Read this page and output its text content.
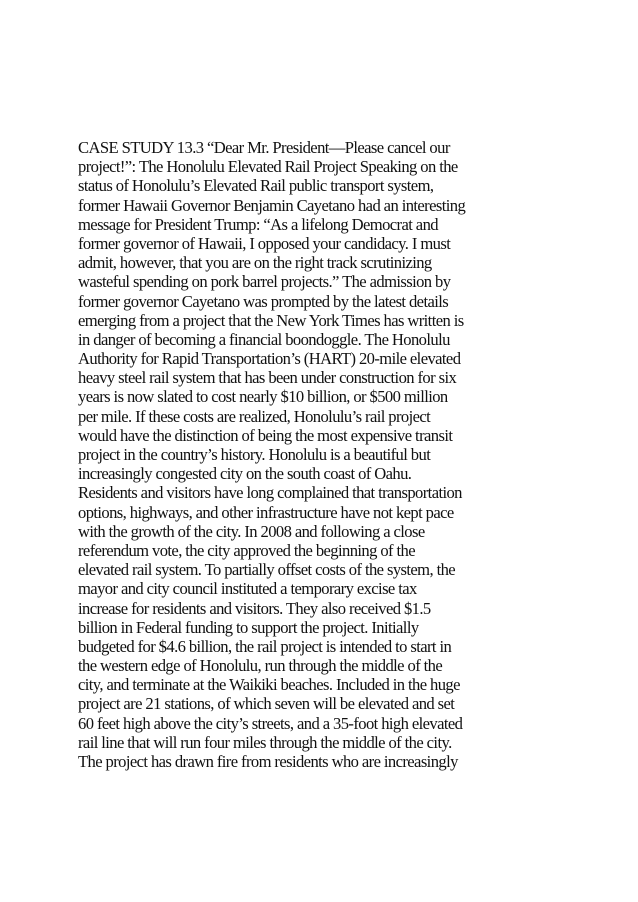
CASE STUDY 13.3 “Dear Mr. President—Please cancel our
project!”: The Honolulu Elevated Rail Project Speaking on the
status of Honolulu’s Elevated Rail public transport system,
former Hawaii Governor Benjamin Cayetano had an interesting
message for President Trump: “As a lifelong Democrat and
former governor of Hawaii, I opposed your candidacy. I must
admit, however, that you are on the right track scrutinizing
wasteful spending on pork barrel projects.” The admission by
former governor Cayetano was prompted by the latest details
emerging from a project that the New York Times has written is
in danger of becoming a financial boondoggle. The Honolulu
Authority for Rapid Transportation’s (HART) 20-mile elevated
heavy steel rail system that has been under construction for six
years is now slated to cost nearly $10 billion, or $500 million
per mile. If these costs are realized, Honolulu’s rail project
would have the distinction of being the most expensive transit
project in the country’s history. Honolulu is a beautiful but
increasingly congested city on the south coast of Oahu.
Residents and visitors have long complained that transportation
options, highways, and other infrastructure have not kept pace
with the growth of the city. In 2008 and following a close
referendum vote, the city approved the beginning of the
elevated rail system. To partially offset costs of the system, the
mayor and city council instituted a temporary excise tax
increase for residents and visitors. They also received $1.5
billion in Federal funding to support the project. Initially
budgeted for $4.6 billion, the rail project is intended to start in
the western edge of Honolulu, run through the middle of the
city, and terminate at the Waikiki beaches. Included in the huge
project are 21 stations, of which seven will be elevated and set
60 feet high above the city’s streets, and a 35-foot high elevated
rail line that will run four miles through the middle of the city.
The project has drawn fire from residents who are increasingly
